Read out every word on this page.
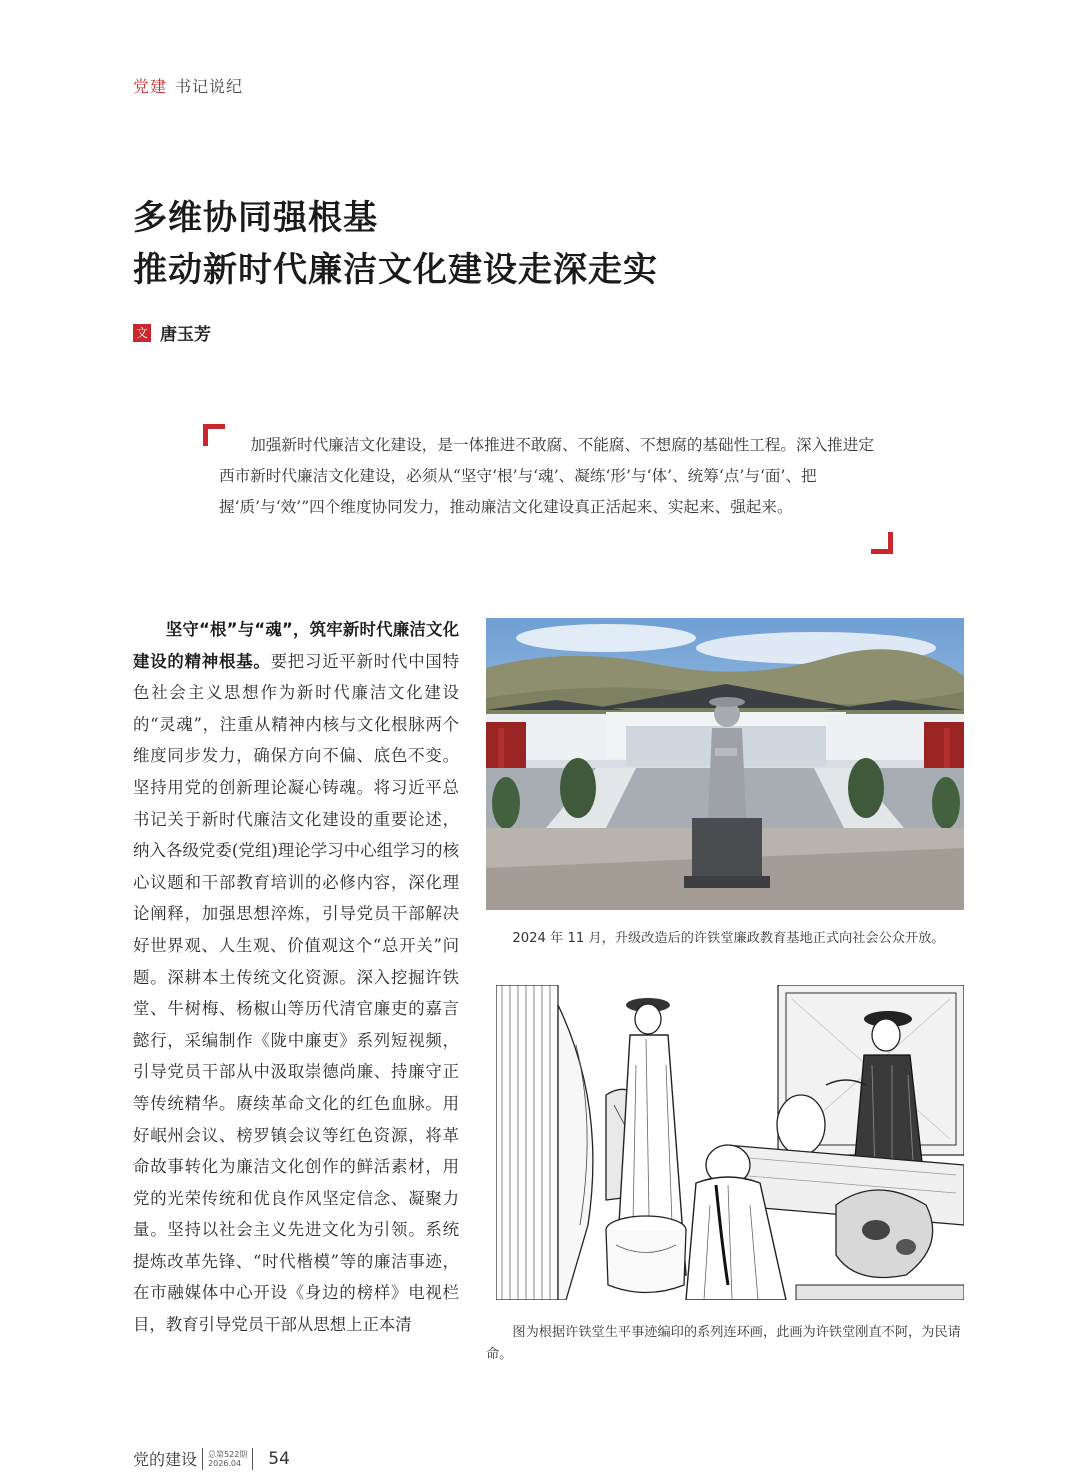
党建 书记说纪
多维协同强根基
推动新时代廉洁文化建设走深走实
文 唐玉芳

加强新时代廉洁文化建设，是一体推进不敢腐、不能腐、不想腐的基础性工程。深入推进定西市新时代廉洁文化建设，必须从“坚守‘根’与‘魂’、凝练‘形’与‘体’、统筹‘点’与‘面’、把握‘质’与‘效’”四个维度协同发力，推动廉洁文化建设真正活起来、实起来、强起来。

坚守“根”与“魂”，筑牢新时代廉洁文化建设的精神根基。要把习近平新时代中国特色社会主义思想作为新时代廉洁文化建设的“灵魂”，注重从精神内核与文化根脉两个维度同步发力，确保方向不偏、底色不变。坚持用党的创新理论凝心铸魂。将习近平总书记关于新时代廉洁文化建设的重要论述，纳入各级党委(党组)理论学习中心组学习的核心议题和干部教育培训的必修内容，深化理论阐释，加强思想淬炼，引导党员干部解决好世界观、人生观、价值观这个“总开关”问题。深耕本土传统文化资源。深入挖掘许铁堂、牛树梅、杨椒山等历代清官廉吏的嘉言懿行，采编制作《陇中廉吏》系列短视频，引导党员干部从中汲取崇德尚廉、持廉守正等传统精华。赓续革命文化的红色血脉。用好岷州会议、榜罗镇会议等红色资源，将革命故事转化为廉洁文化创作的鲜活素材，用党的光荣传统和优良作风坚定信念、凝聚力量。坚持以社会主义先进文化为引领。系统提炼改革先锋、“时代楷模”等的廉洁事迹，在市融媒体中心开设《身边的榜样》电视栏目，教育引导党员干部从思想上正本清

2024 年 11 月，升级改造后的许铁堂廉政教育基地正式向社会公众开放。
图为根据许铁堂生平事迹编印的系列连环画，此画为许铁堂刚直不阿，为民请命。
党的建设 总第522期
2026.04	54
